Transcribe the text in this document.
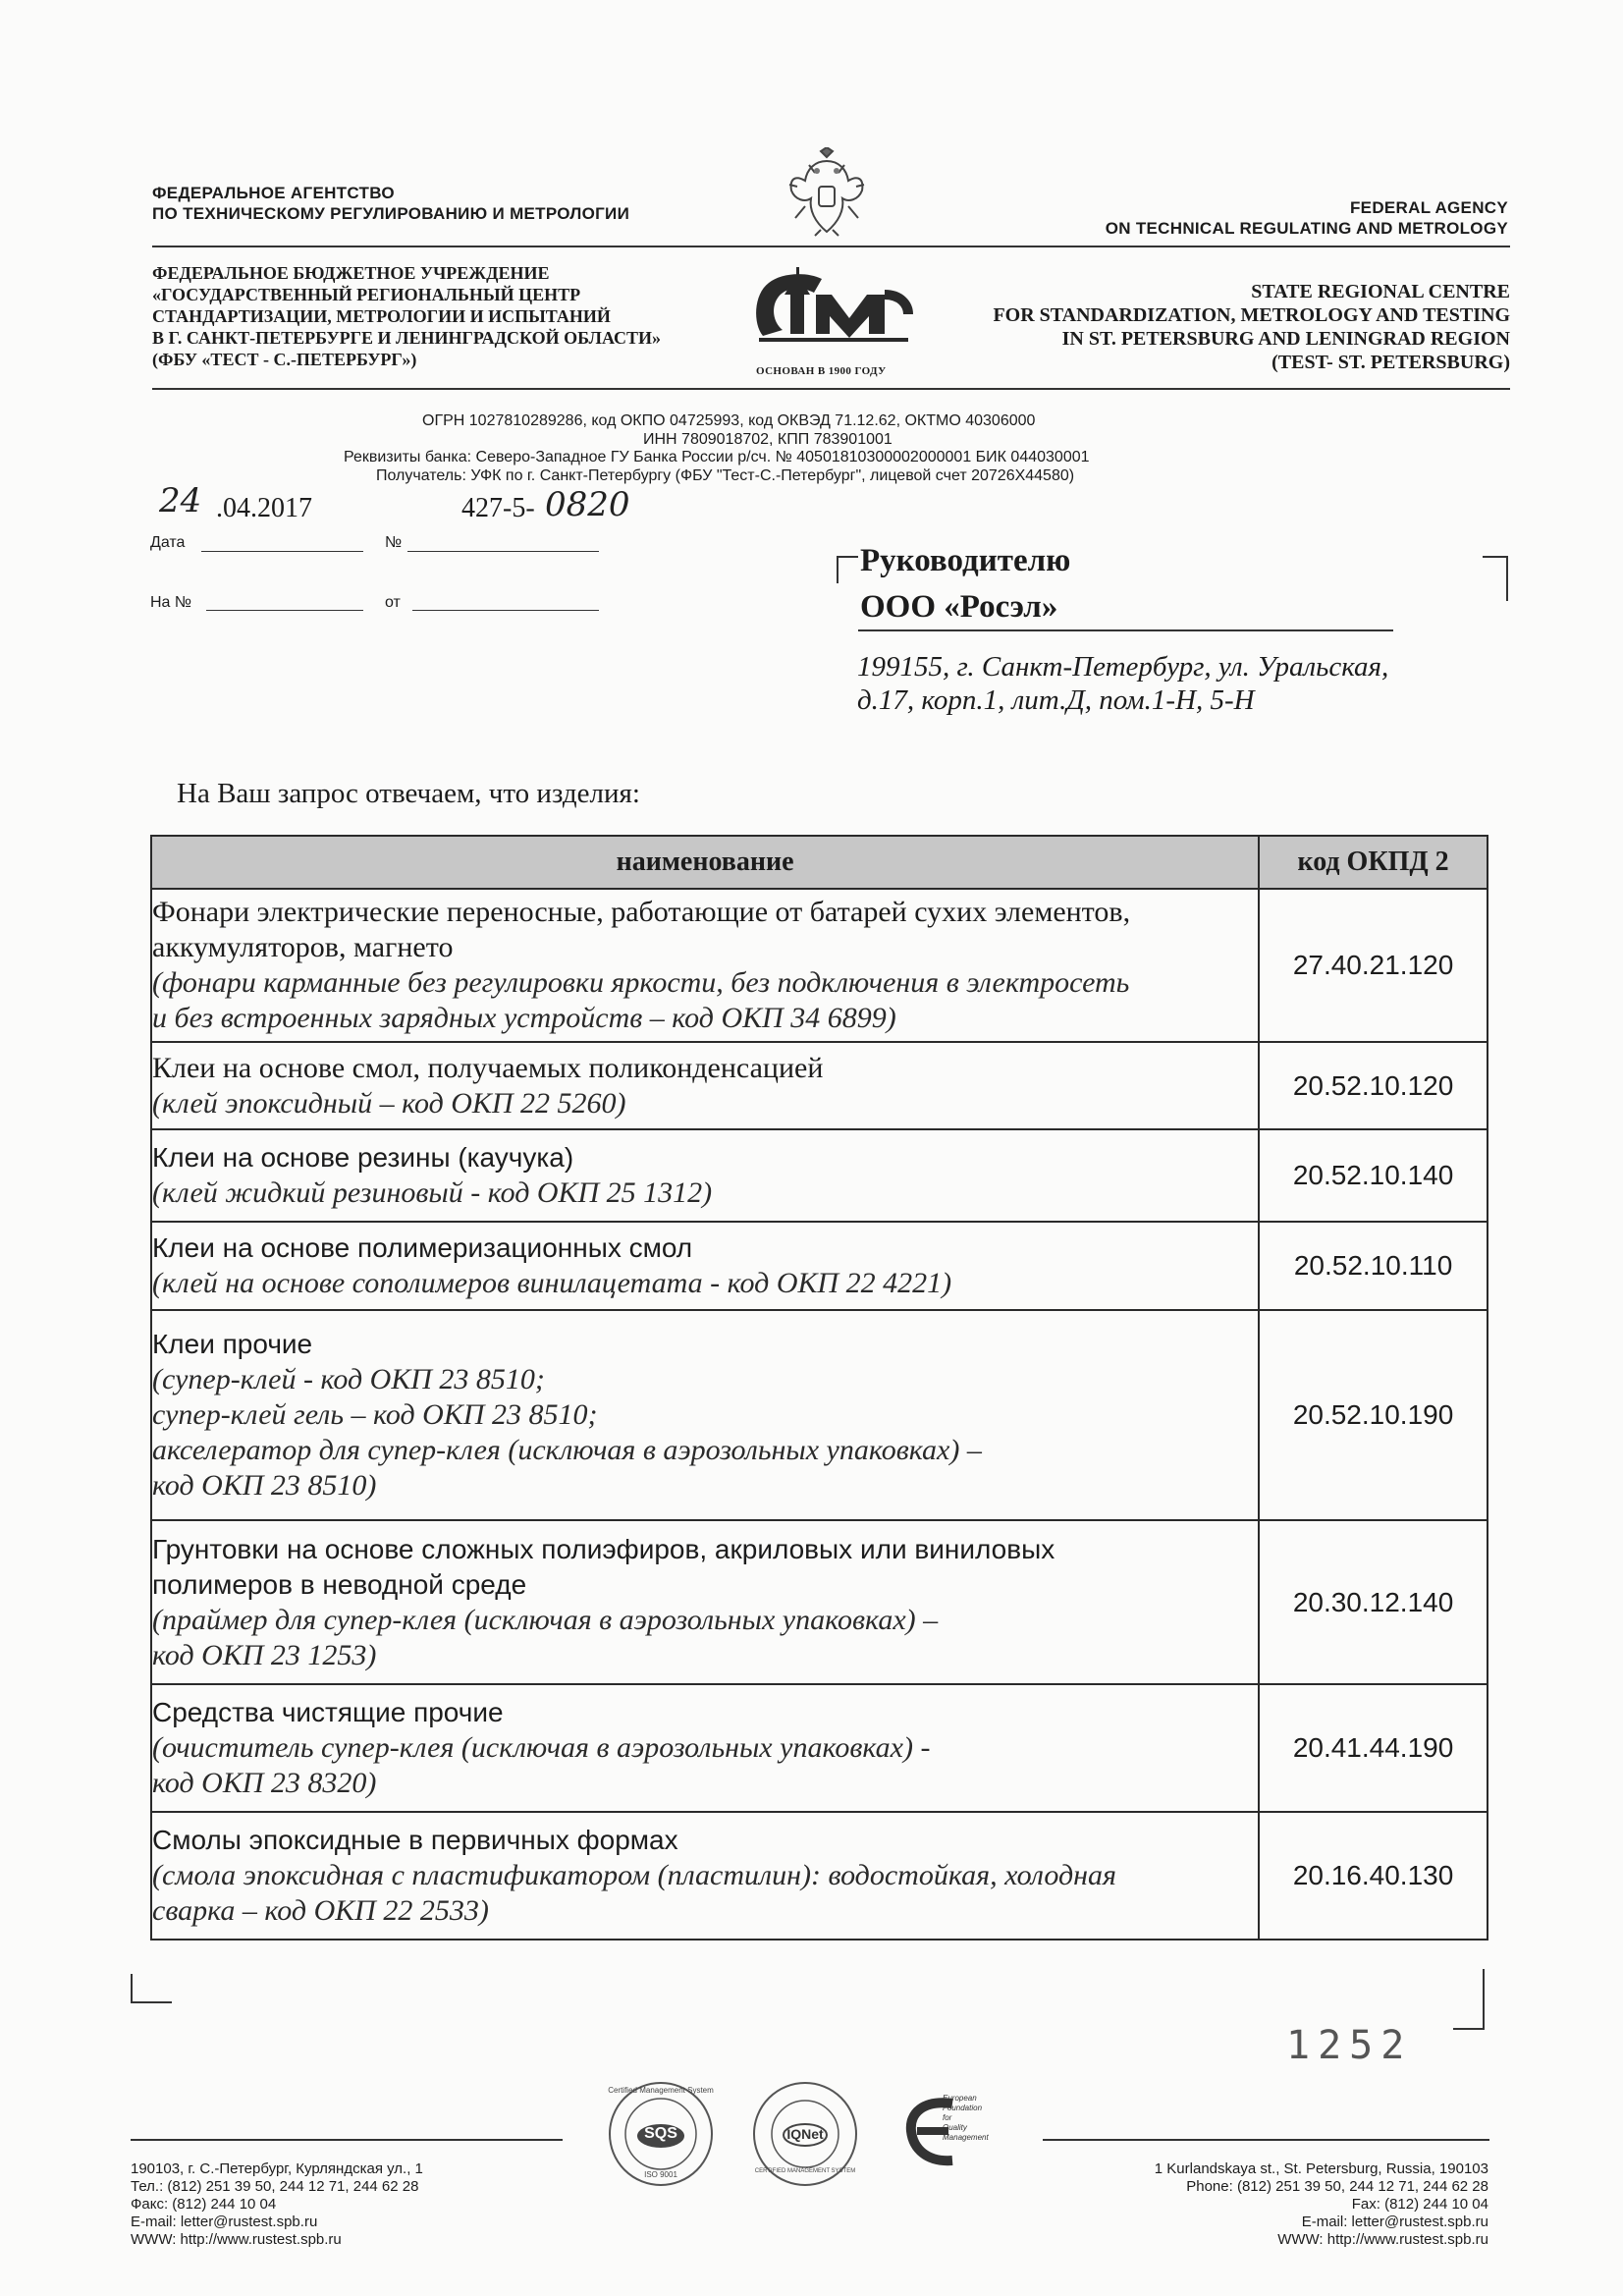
ФЕДЕРАЛЬНОЕ АГЕНТСТВО
ПО ТЕХНИЧЕСКОМУ РЕГУЛИРОВАНИЮ И МЕТРОЛОГИИ	FEDERAL AGENCY
ON TECHNICAL REGULATING AND METROLOGY
ФЕДЕРАЛЬНОЕ БЮДЖЕТНОЕ УЧРЕЖДЕНИЕ
«ГОСУДАРСТВЕННЫЙ РЕГИОНАЛЬНЫЙ ЦЕНТР
СТАНДАРТИЗАЦИИ, МЕТРОЛОГИИ И ИСПЫТАНИЙ
В Г. САНКТ-ПЕТЕРБУРГЕ И ЛЕНИНГРАДСКОЙ ОБЛАСТИ»
(ФБУ «ТЕСТ - С.-ПЕТЕРБУРГ»)
ОСНОВАН В 1900 ГОДУ
STATE REGIONAL CENTRE
FOR STANDARDIZATION, METROLOGY AND TESTING
IN ST. PETERSBURG AND LENINGRAD REGION
(TEST- ST. PETERSBURG)
ОГРН 1027810289286, код ОКПО 04725993, код ОКВЭД 71.12.62, ОКТМО 40306000
ИНН 7809018702, КПП 783901001
Реквизиты банка: Северо-Западное ГУ Банка России р/сч. № 40501810300002000001 БИК 044030001
Получатель: УФК по г. Санкт-Петербургу (ФБУ "Тест-С.-Петербург", лицевой счет 20726X44580)
24 .04.2017	427-5- 0820
Дата	№
На №	от
Руководителю
ООО «Росэл»
199155, г. Санкт-Петербург, ул. Уральская,
д.17, корп.1, лит.Д, пом.1-Н, 5-Н
На Ваш запрос отвечаем, что изделия:
наименование	код ОКПД 2

Фонари электрические переносные, работающие от батарей сухих элементов,
аккумуляторов, магнето
(фонари карманные без регулировки яркости, без подключения в электросеть
и без встроенных зарядных устройств – код ОКП 34 6899)	27.40.21.120

Клеи на основе смол, получаемых поликонденсацией
(клей эпоксидный – код ОКП 22 5260)	20.52.10.120

Клеи на основе резины (каучука)
(клей жидкий резиновый - код ОКП 25 1312)	20.52.10.140

Клеи на основе полимеризационных смол
(клей на основе сополимеров винилацетата - код ОКП 22 4221)	20.52.10.110

Клеи прочие
(супер-клей - код ОКП 23 8510;
супер-клей гель – код ОКП 23 8510;
акселератор для супер-клея (исключая в аэрозольных упаковках) –
код ОКП 23 8510)	20.52.10.190

Грунтовки на основе сложных полиэфиров, акриловых или виниловых
полимеров в неводной среде
(праймер для супер-клея (исключая в аэрозольных упаковках) –
код ОКП 23 1253)	20.30.12.140

Средства чистящие прочие
(очиститель супер-клея (исключая в аэрозольных упаковках) -
код ОКП 23 8320)	20.41.44.190

Смолы эпоксидные в первичных формах
(смола эпоксидная с пластификатором (пластилин): водостойкая, холодная
сварка – код ОКП 22 2533)	20.16.40.130
1252
190103, г. С.-Петербург, Курляндская ул., 1
Тел.: (812) 251 39 50, 244 12 71, 244 62 28
Факс: (812) 244 10 04
E-mail: letter@rustest.spb.ru
WWW: http://www.rustest.spb.ru
SQS
Certified Management System
ISO 9001
IQNet
CERTIFIED MANAGEMENT SYSTEM
European
Foundation
for
Quality
Management
1 Kurlandskaya st., St. Petersburg, Russia, 190103
Phone: (812) 251 39 50, 244 12 71, 244 62 28
Fax: (812) 244 10 04
E-mail: letter@rustest.spb.ru
WWW: http://www.rustest.spb.ru
